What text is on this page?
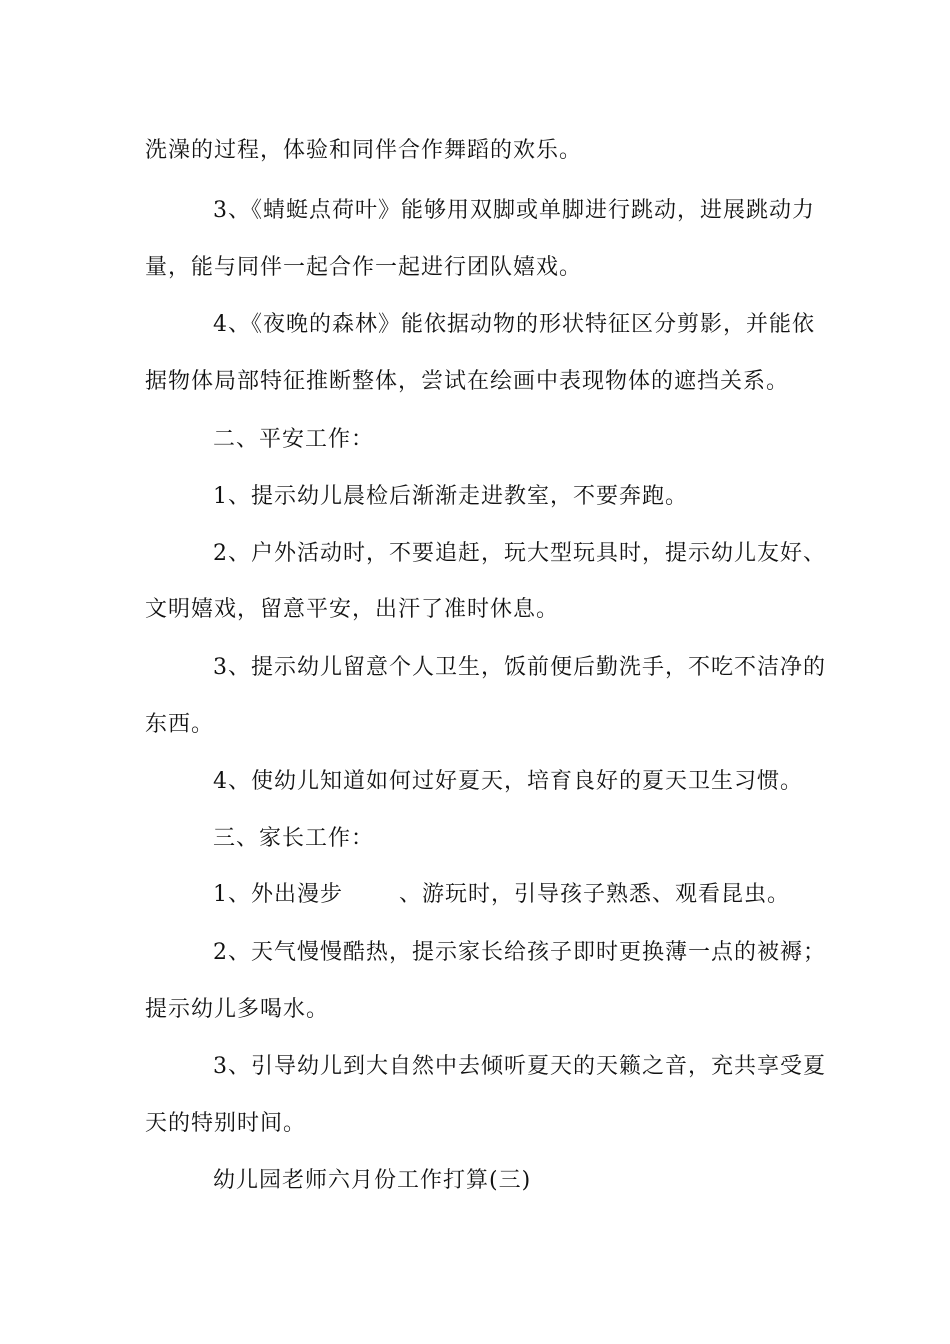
洗澡的过程，体验和同伴合作舞蹈的欢乐。
3、《蜻蜓点荷叶》能够用双脚或单脚进行跳动，进展跳动力
量，能与同伴一起合作一起进行团队嬉戏。
4、《夜晚的森林》能依据动物的形状特征区分剪影，并能依
据物体局部特征推断整体，尝试在绘画中表现物体的遮挡关系。
二、平安工作：
1、提示幼儿晨检后渐渐走进教室，不要奔跑。
2、户外活动时，不要追赶，玩大型玩具时，提示幼儿友好、
文明嬉戏，留意平安，出汗了准时休息。
3、提示幼儿留意个人卫生，饭前便后勤洗手，不吃不洁净的
东西。
4、使幼儿知道如何过好夏天，培育良好的夏天卫生习惯。
三、家长工作：
1、外出漫步	、游玩时，引导孩子熟悉、观看昆虫。
2、天气慢慢酷热，提示家长给孩子即时更换薄一点的被褥；
提示幼儿多喝水。
3、引导幼儿到大自然中去倾听夏天的天籁之音，充共享受夏
天的特别时间。
幼儿园老师六月份工作打算(三)
